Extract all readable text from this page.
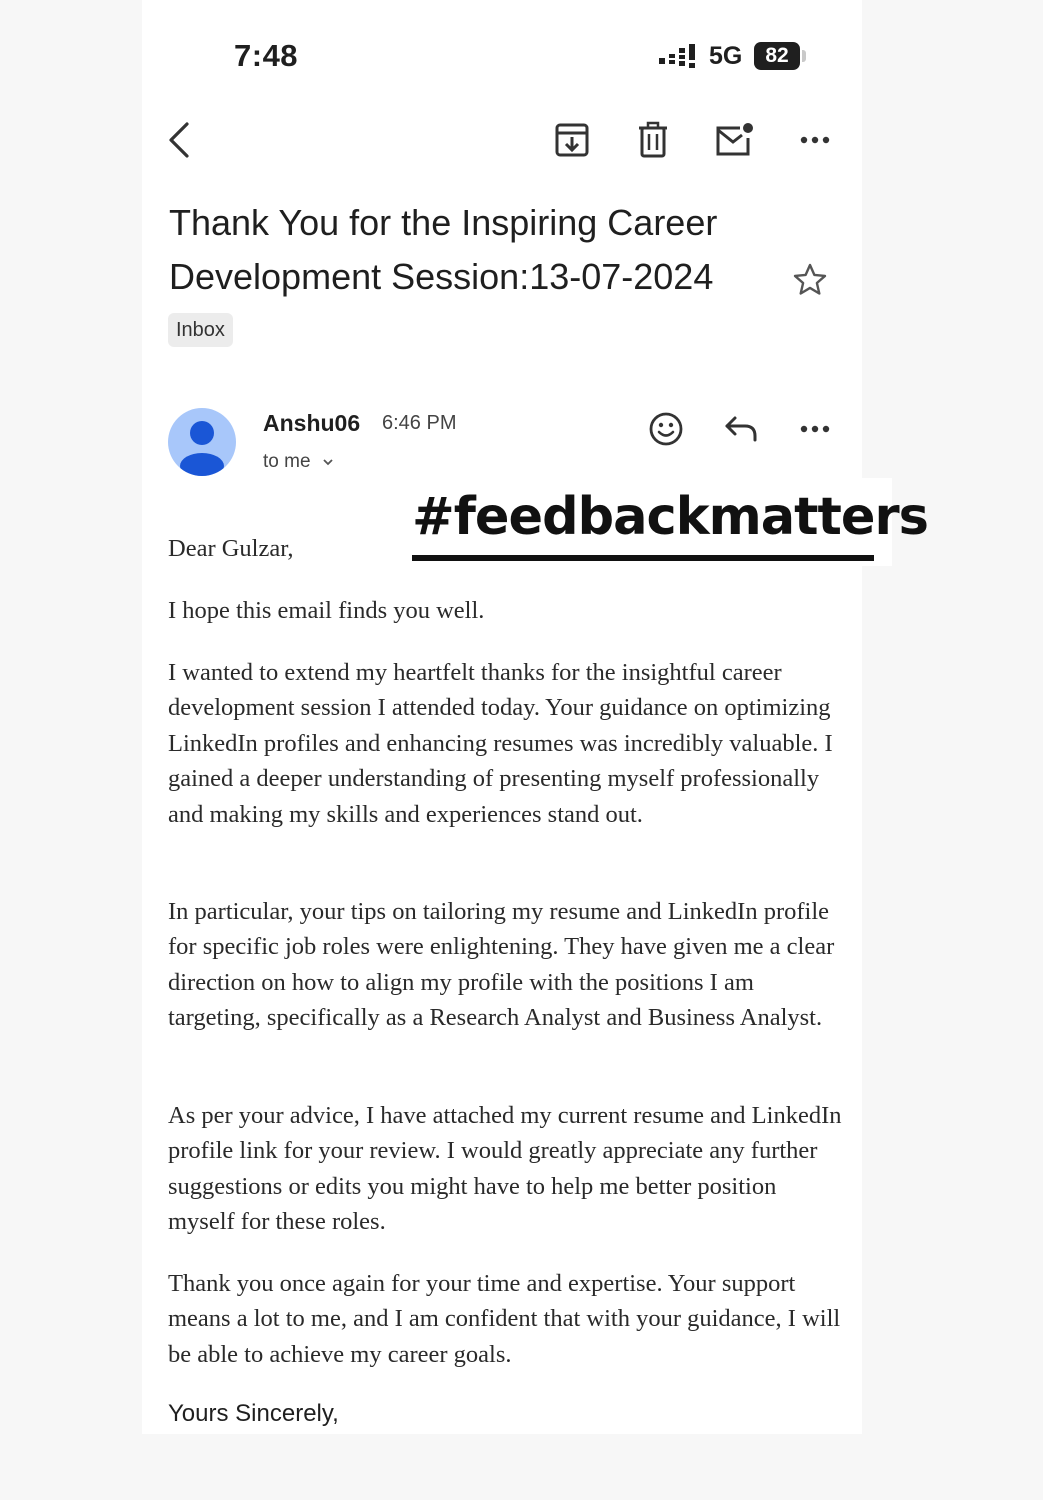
7:48	5G	82
Thank You for the Inspiring Career Development Session:13-07-2024
Inbox
Anshu06 6:46 PM
to me
Dear Gulzar,
I hope this email finds you well.
I wanted to extend my heartfelt thanks for the insightful career development session I attended today. Your guidance on optimizing LinkedIn profiles and enhancing resumes was incredibly valuable. I gained a deeper understanding of presenting myself professionally and making my skills and experiences stand out.
In particular, your tips on tailoring my resume and LinkedIn profile for specific job roles were enlightening. They have given me a clear direction on how to align my profile with the positions I am targeting, specifically as a Research Analyst and Business Analyst.
As per your advice, I have attached my current resume and LinkedIn profile link for your review. I would greatly appreciate any further suggestions or edits you might have to help me better position myself for these roles.
Thank you once again for your time and expertise. Your support means a lot to me, and I am confident that with your guidance, I will be able to achieve my career goals.
Yours Sincerely,
#feedbackmatters
